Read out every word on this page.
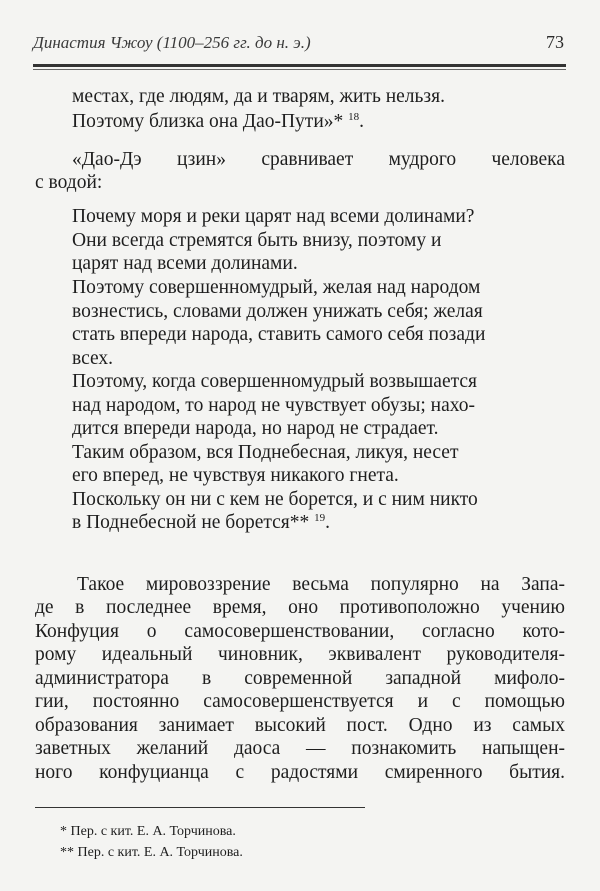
Династия Чжоу (1100–256 гг. до н. э.)	73
местах, где людям, да и тварям, жить нельзя.
Поэтому близка она Дао-Пути»* $^{18}$.
«Дао-Дэ цзин» сравнивает мудрого человека
с водой:
Почему моря и реки царят над всеми долинами?
Они всегда стремятся быть внизу, поэтому и
царят над всеми долинами.
Поэтому совершенномудрый, желая над народом
вознестись, словами должен унижать себя; желая
стать впереди народа, ставить самого себя позади
всех.
Поэтому, когда совершенномудрый возвышается
над народом, то народ не чувствует обузы; нахо-
дится впереди народа, но народ не страдает.
Таким образом, вся Поднебесная, ликуя, несет
его вперед, не чувствуя никакого гнета.
Поскольку он ни с кем не борется, и с ним никто
в Поднебесной не борется** $^{19}$.
Такое мировоззрение весьма популярно на Запа-
де в последнее время, оно противоположно учению
Конфуция о самосовершенствовании, согласно кото-
рому идеальный чиновник, эквивалент руководителя-
администратора в современной западной мифоло-
гии, постоянно самосовершенствуется и с помощью
образования занимает высокий пост. Одно из самых
заветных желаний даоса — познакомить напыщен-
ного конфуцианца с радостями смиренного бытия.
* Пер. с кит. Е. А. Торчинова.
** Пер. с кит. Е. А. Торчинова.
